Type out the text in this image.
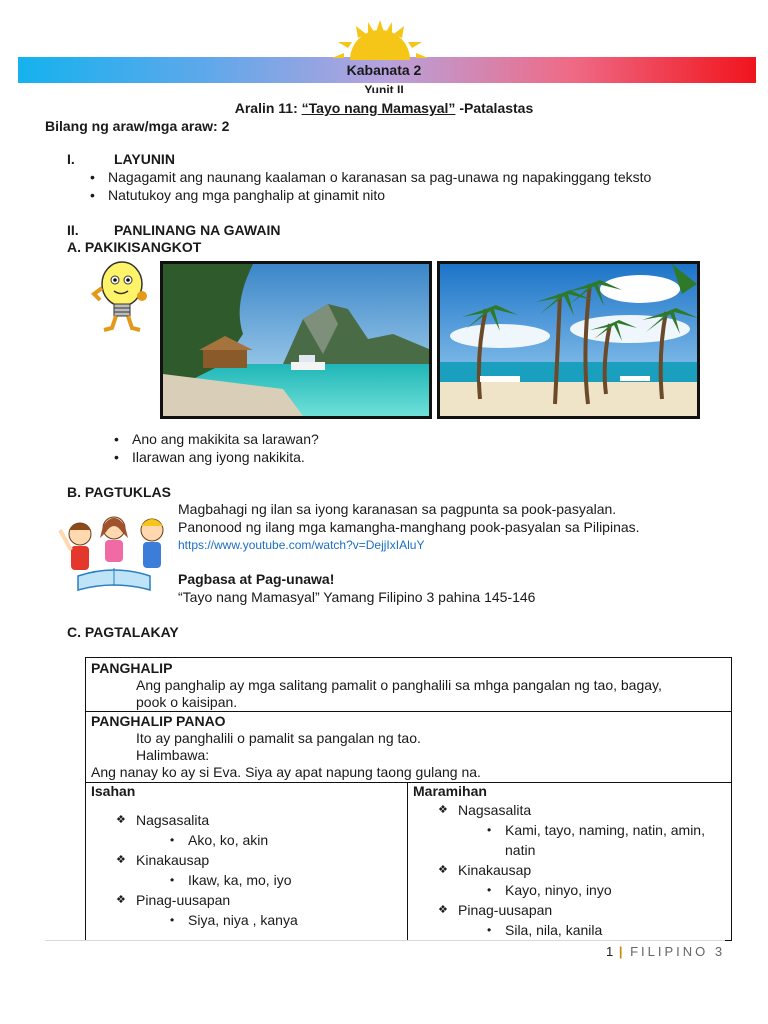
Kabanata 2
Yunit II
Aralin 11: “Tayo nang Mamasyal” -Patalastas
Bilang ng araw/mga araw: 2
I.	LAYUNIN
• Nagagamit ang naunang kaalaman o karanasan sa pag-unawa ng napakinggang teksto
• Natutukoy ang mga panghalip at ginamit nito
II.	PANLINANG NA GAWAIN
A. PAKIKISANGKOT
• Ano ang makikita sa larawan?
• Ilarawan ang iyong nakikita.
B. PAGTUKLAS
Magbahagi ng ilan sa iyong karanasan sa pagpunta sa pook-pasyalan.
Panonood ng ilang mga kamangha-manghang pook-pasyalan sa Pilipinas.
https://www.youtube.com/watch?v=DejjIxIAluY
Pagbasa at Pag-unawa!
“Tayo nang Mamasyal” Yamang Filipino 3 pahina 145-146
C. PAGTALAKAY
PANGHALIP
Ang panghalip ay mga salitang pamalit o panghalili sa mhga pangalan ng tao, bagay,
pook o kaisipan.
PANGHALIP PANAO
Ito ay panghalili o pamalit sa pangalan ng tao.
Halimbawa:
Ang nanay ko ay si Eva. Siya ay apat napung taong gulang na.
Isahan
❖ Nagsasalita
• Ako, ko, akin
❖ Kinakausap
• Ikaw, ka, mo, iyo
❖ Pinag-uusapan
• Siya, niya , kanya
Maramihan
❖ Nagsasalita
• Kami, tayo, naming, natin, amin,
natin
❖ Kinakausap
• Kayo, ninyo, inyo
❖ Pinag-uusapan
• Sila, nila, kanila
1 | FILIPINO 3
